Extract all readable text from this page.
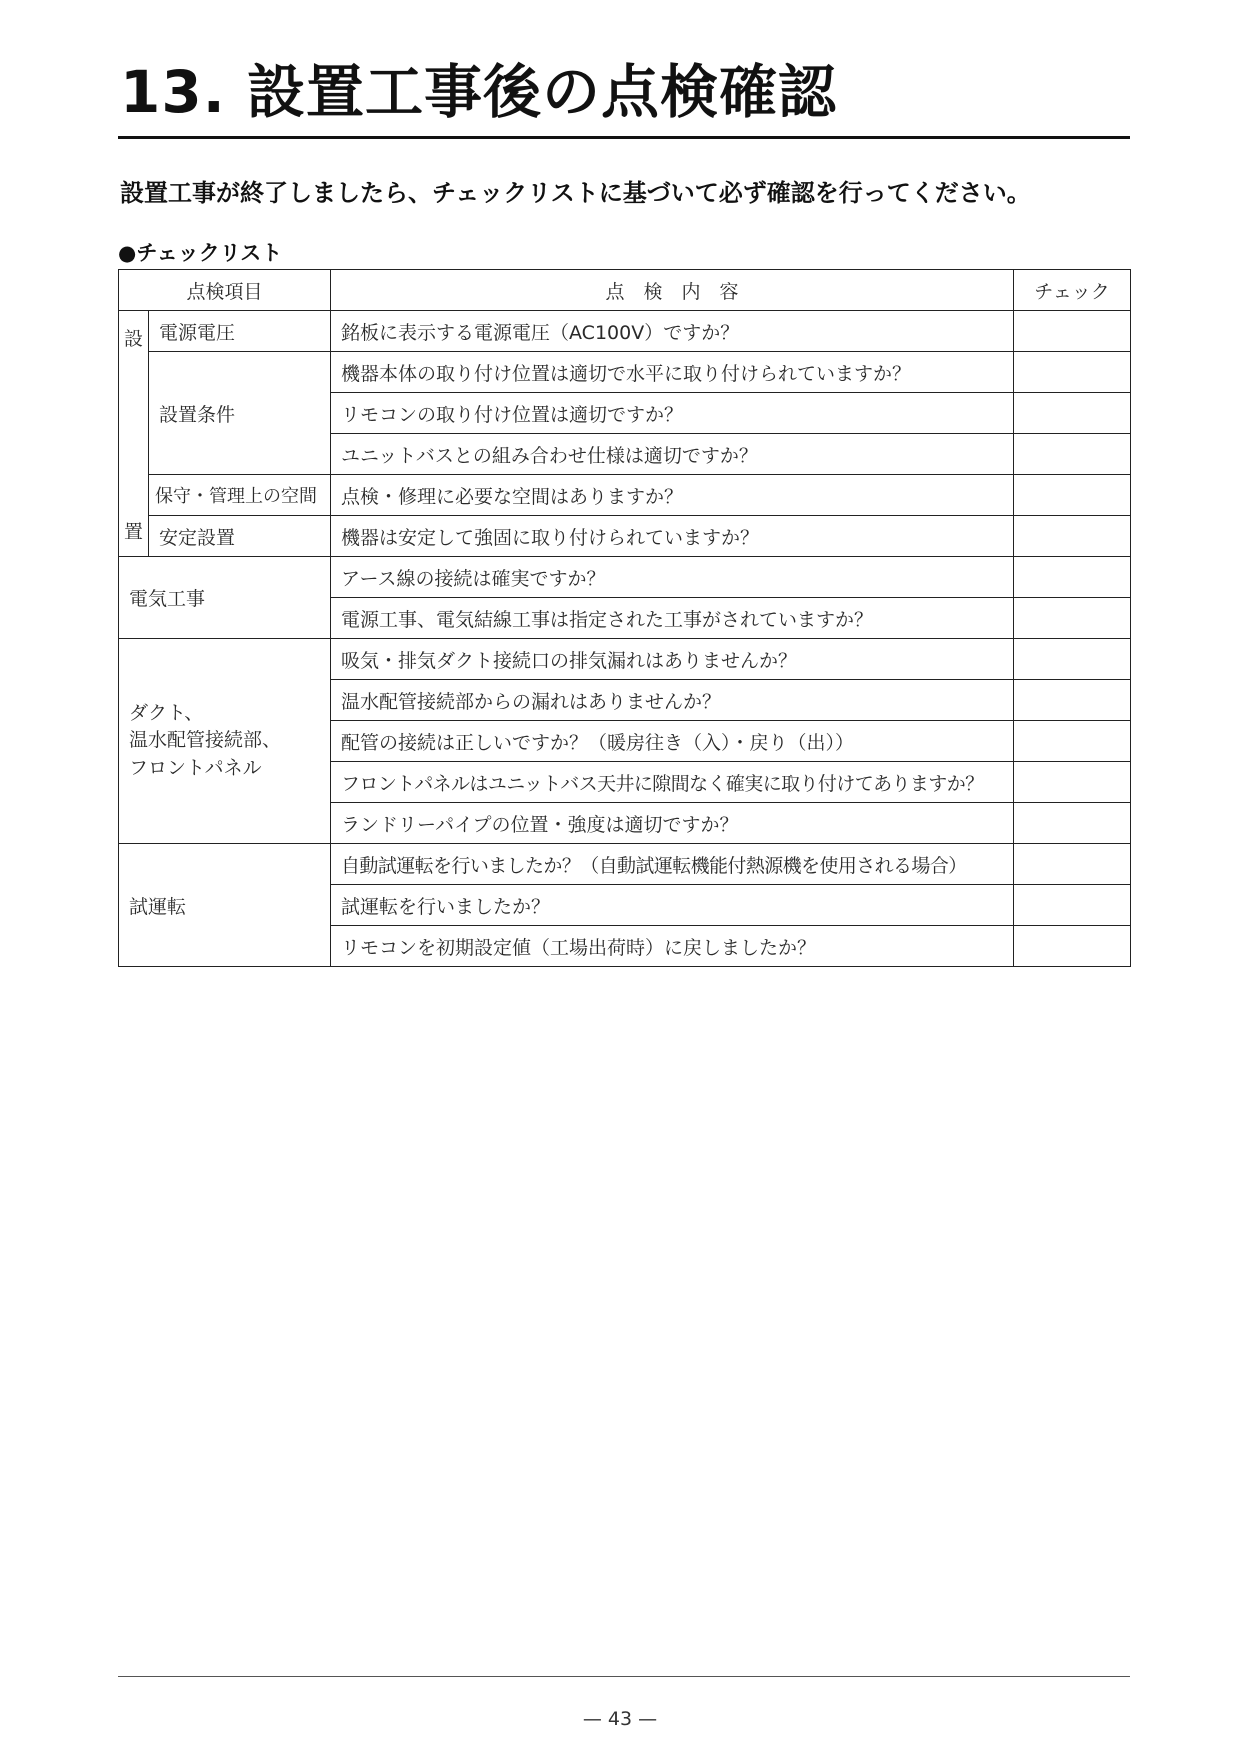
13. 設置工事後の点検確認
設置工事が終了しましたら、チェックリストに基づいて必ず確認を行ってください。
●チェックリスト
点検項目		点　検　内　容	チェック

設
置	電源電圧	銘板に表示する電源電圧（AC100V）ですか？	
	設置条件	機器本体の取り付け位置は適切で水平に取り付けられていますか？	
		リモコンの取り付け位置は適切ですか？	
		ユニットバスとの組み合わせ仕様は適切ですか？	
	保守・管理上の空間	点検・修理に必要な空間はありますか？	
	安定設置	機器は安定して強固に取り付けられていますか？	
電気工事		アース線の接続は確実ですか？	
		電源工事、電気結線工事は指定された工事がされていますか？	

ダクト、
温水配管接続部、
フロントパネル		吸気・排気ダクト接続口の排気漏れはありませんか？	
		温水配管接続部からの漏れはありませんか？	
		配管の接続は正しいですか？（暖房往き（入）・戻り（出））	
		フロントパネルはユニットバス天井に隙間なく確実に取り付けてありますか？	
		ランドリーパイプの位置・強度は適切ですか？	
試運転		自動試運転を行いましたか？（自動試運転機能付熱源機を使用される場合）	
		試運転を行いましたか？	
		リモコンを初期設定値（工場出荷時）に戻しましたか？	
— 43 —
